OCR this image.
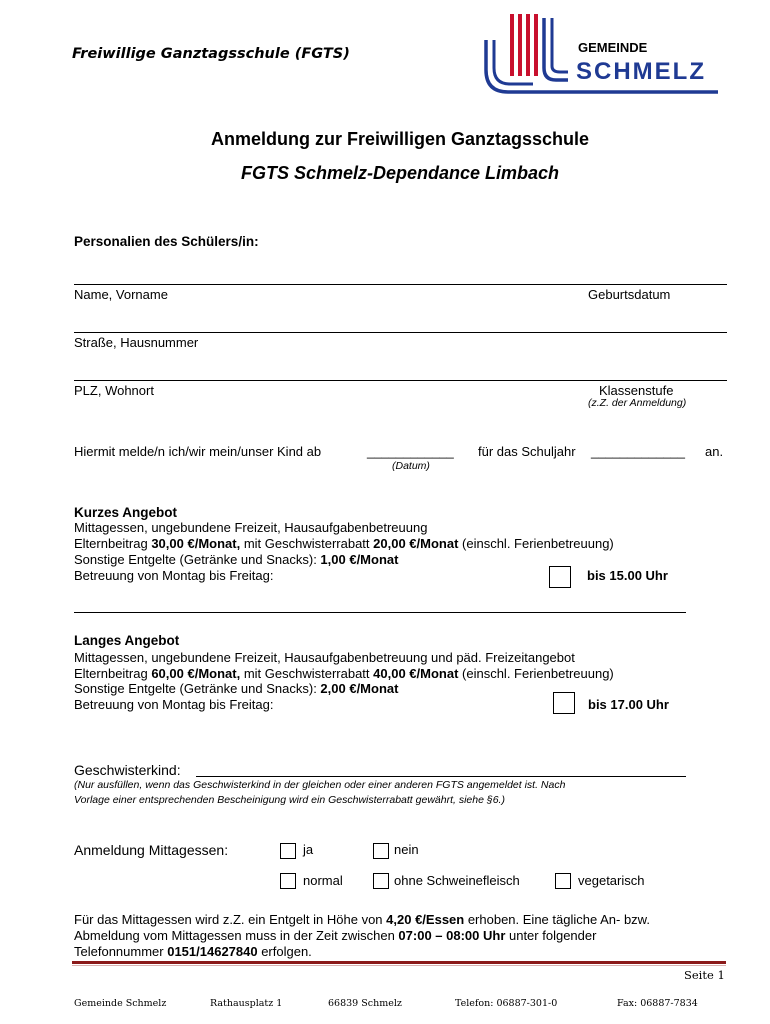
Freiwillige Ganztagsschule (FGTS)	GEMEINDE
SCHMELZ
Anmeldung zur Freiwilligen Ganztagsschule
FGTS Schmelz-Dependance Limbach
Personalien des Schülers/in:
Name, Vorname	Geburtsdatum
Straße, Hausnummer
PLZ, Wohnort	Klassenstufe
(z.Z. der Anmeldung)
Hiermit melde/n ich/wir mein/unser Kind ab	____________ für das Schuljahr _____________ an.
(Datum)
Kurzes Angebot
Mittagessen, ungebundene Freizeit, Hausaufgabenbetreuung
Elternbeitrag 30,00 €/Monat, mit Geschwisterrabatt 20,00 €/Monat (einschl. Ferienbetreuung)
Sonstige Entgelte (Getränke und Snacks): 1,00 €/Monat
Betreuung von Montag bis Freitag:	bis 15.00 Uhr
Langes Angebot
Mittagessen, ungebundene Freizeit, Hausaufgabenbetreuung und päd. Freizeitangebot
Elternbeitrag 60,00 €/Monat, mit Geschwisterrabatt 40,00 €/Monat (einschl. Ferienbetreuung)
Sonstige Entgelte (Getränke und Snacks): 2,00 €/Monat
Betreuung von Montag bis Freitag:	bis 17.00 Uhr
Geschwisterkind:
(Nur ausfüllen, wenn das Geschwisterkind in der gleichen oder einer anderen FGTS angemeldet ist. Nach
Vorlage einer entsprechenden Bescheinigung wird ein Geschwisterrabatt gewährt, siehe §6.)
Anmeldung Mittagessen:	ja	nein
normal	ohne Schweinefleisch	vegetarisch
Für das Mittagessen wird z.Z. ein Entgelt in Höhe von 4,20 €/Essen erhoben. Eine tägliche An- bzw.
Abmeldung vom Mittagessen muss in der Zeit zwischen 07:00 – 08:00 Uhr unter folgender
Telefonnummer 0151/14627840 erfolgen.
Seite 1
Gemeinde Schmelz	Rathausplatz 1	66839 Schmelz	Telefon: 06887-301-0	Fax: 06887-7834
